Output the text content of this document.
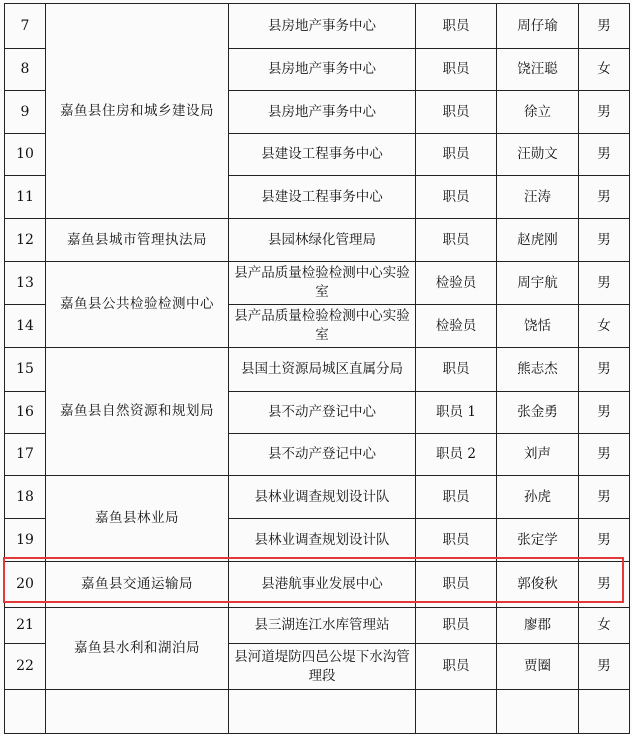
7	嘉鱼县住房和城乡建设局	县房地产事务中心	职员	周仔瑜	男
8		县房地产事务中心	职员	饶汪聪	女
9		县房地产事务中心	职员	徐立	男
10		县建设工程事务中心	职员	汪勋文	男
11		县建设工程事务中心	职员	汪涛	男
12	嘉鱼县城市管理执法局	县园林绿化管理局	职员	赵虎刚	男
13	嘉鱼县公共检验检测中心	县产品质量检验检测中心实验室	检验员	周宇航	男
14		县产品质量检验检测中心实验室	检验员	饶恬	女
15	嘉鱼县自然资源和规划局	县国土资源局城区直属分局	职员	熊志杰	男
16		县不动产登记中心	职员 1	张金勇	男
17		县不动产登记中心	职员 2	刘声	男
18	嘉鱼县林业局	县林业调查规划设计队	职员	孙虎	男
19		县林业调查规划设计队	职员	张定学	男
20	嘉鱼县交通运输局	县港航事业发展中心	职员	郭俊秋	男
21	嘉鱼县水利和湖泊局	县三湖连江水库管理站	职员	廖郡	女
22		县河道堤防四邑公堤下水沟管理段	职员	贾圈	男
